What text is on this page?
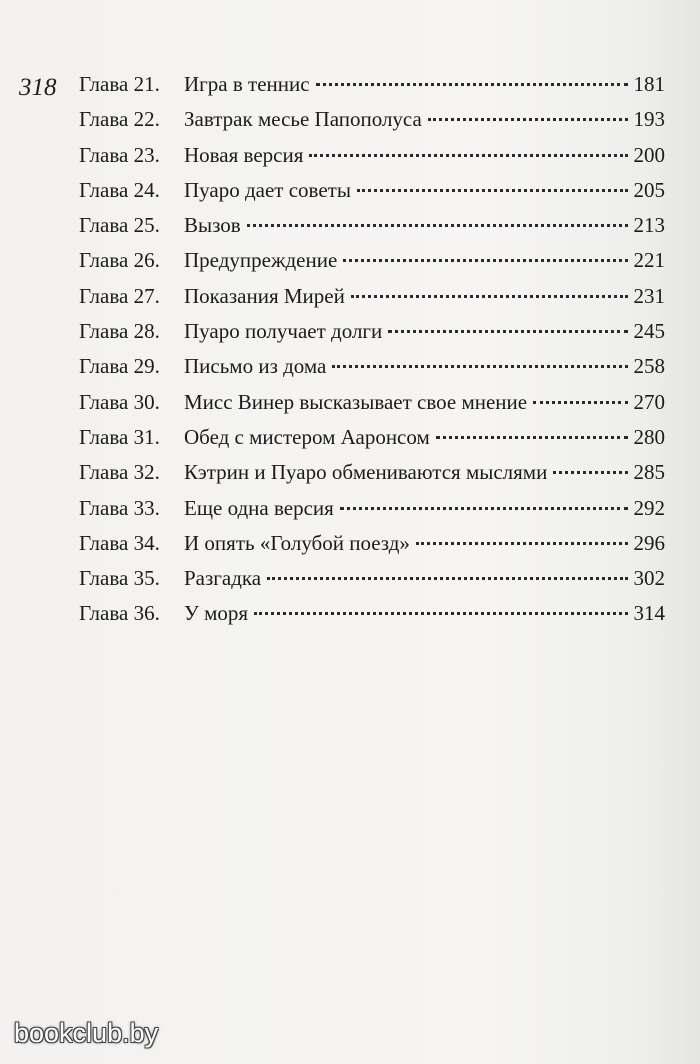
318 Глава 21.	Игра в теннис	181
Глава 22.	Завтрак месье Папополуса	193
Глава 23.	Новая версия	200
Глава 24.	Пуаро дает советы	205
Глава 25.	Вызов	213
Глава 26.	Предупреждение	221
Глава 27.	Показания Мирей	231
Глава 28.	Пуаро получает долги	245
Глава 29.	Письмо из дома	258
Глава 30.	Мисс Винер высказывает свое мнение	270
Глава 31.	Обед с мистером Ааронсом	280
Глава 32.	Кэтрин и Пуаро обмениваются мыслями	285
Глава 33.	Еще одна версия	292
Глава 34.	И опять «Голубой поезд»	296
Глава 35.	Разгадка	302
Глава 36.	У моря	314
bookclub.by
